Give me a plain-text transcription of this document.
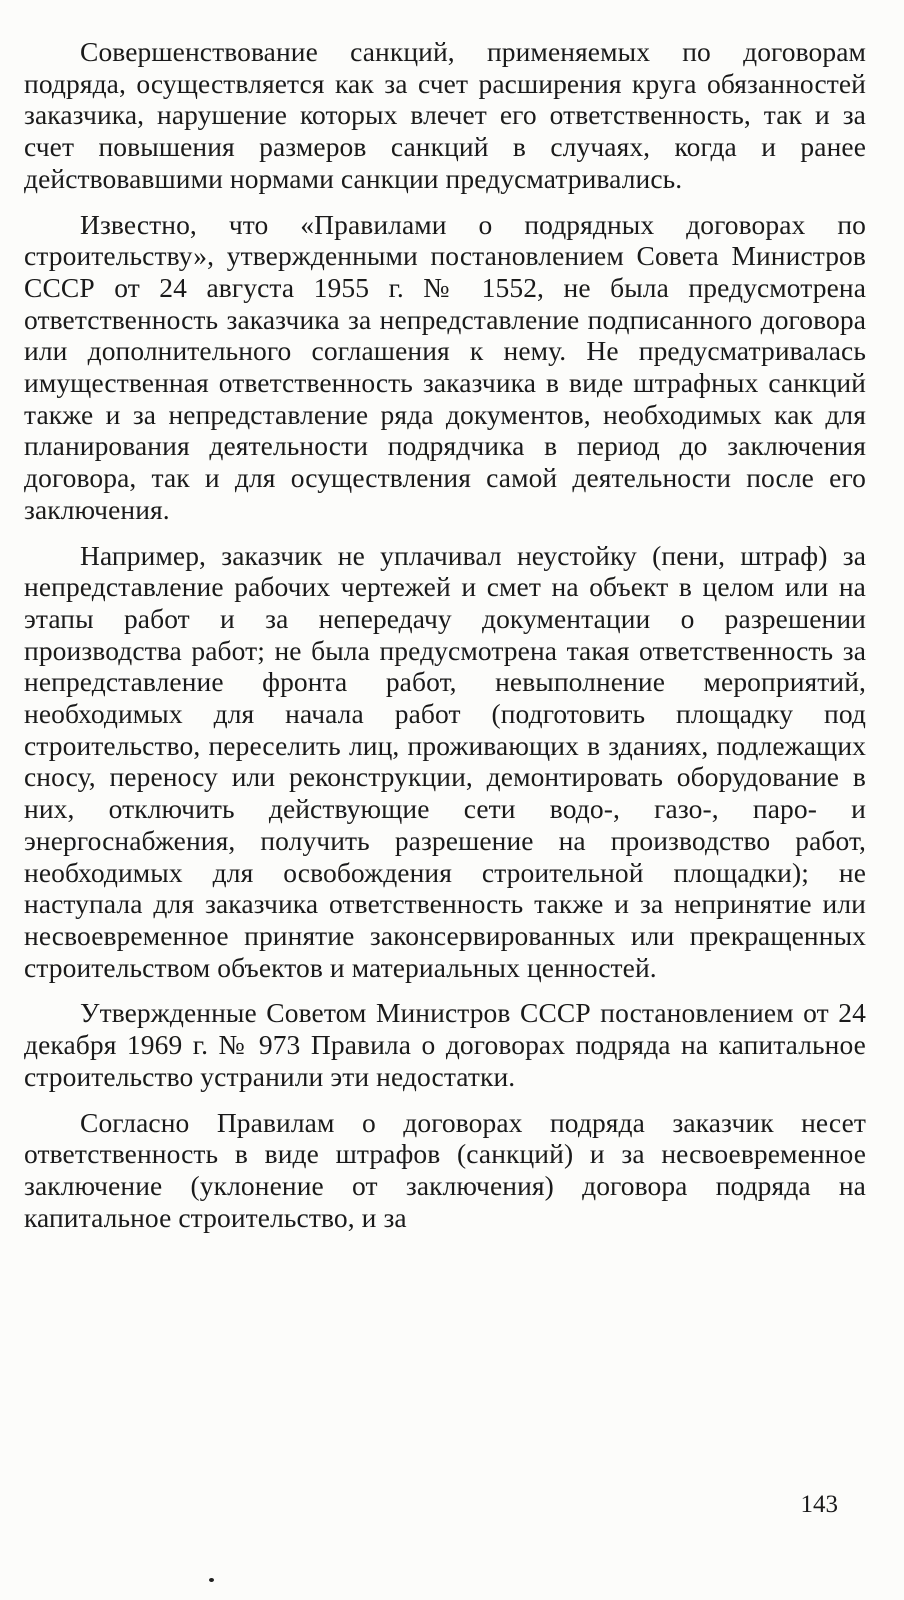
Совершенствование санкций, применяемых по договорам подряда, осуществляется как за счет расширения круга обязанностей заказчика, нарушение которых влечет его ответственность, так и за счет повышения размеров санкций в случаях, когда и ранее действовавшими нормами санкции предусматривались.

Известно, что «Правилами о подрядных договорах по строительству», утвержденными постановлением Совета Министров СССР от 24 августа 1955 г. № 1552, не была предусмотрена ответственность заказчика за непредставление подписанного договора или дополнительного соглашения к нему. Не предусматривалась имущественная ответственность заказчика в виде штрафных санкций также и за непредставление ряда документов, необходимых как для планирования деятельности подрядчика в период до заключения договора, так и для осуществления самой деятельности после его заключения.

Например, заказчик не уплачивал неустойку (пени, штраф) за непредставление рабочих чертежей и смет на объект в целом или на этапы работ и за непередачу документации о разрешении производства работ; не была предусмотрена такая ответственность за непредставление фронта работ, невыполнение мероприятий, необходимых для начала работ (подготовить площадку под строительство, переселить лиц, проживающих в зданиях, подлежащих сносу, переносу или реконструкции, демонтировать оборудование в них, отключить действующие сети водо-, газо-, паро- и энергоснабжения, получить разрешение на производство работ, необходимых для освобождения строительной площадки); не наступала для заказчика ответственность также и за непринятие или несвоевременное принятие законсервированных или прекращенных строительством объектов и материальных ценностей.

Утвержденные Советом Министров СССР постановлением от 24 декабря 1969 г. № 973 Правила о договорах подряда на капитальное строительство устранили эти недостатки.

Согласно Правилам о договорах подряда заказчик несет ответственность в виде штрафов (санкций) и за несвоевременное заключение (уклонение от заключения) договора подряда на капитальное строительство, и за

143
